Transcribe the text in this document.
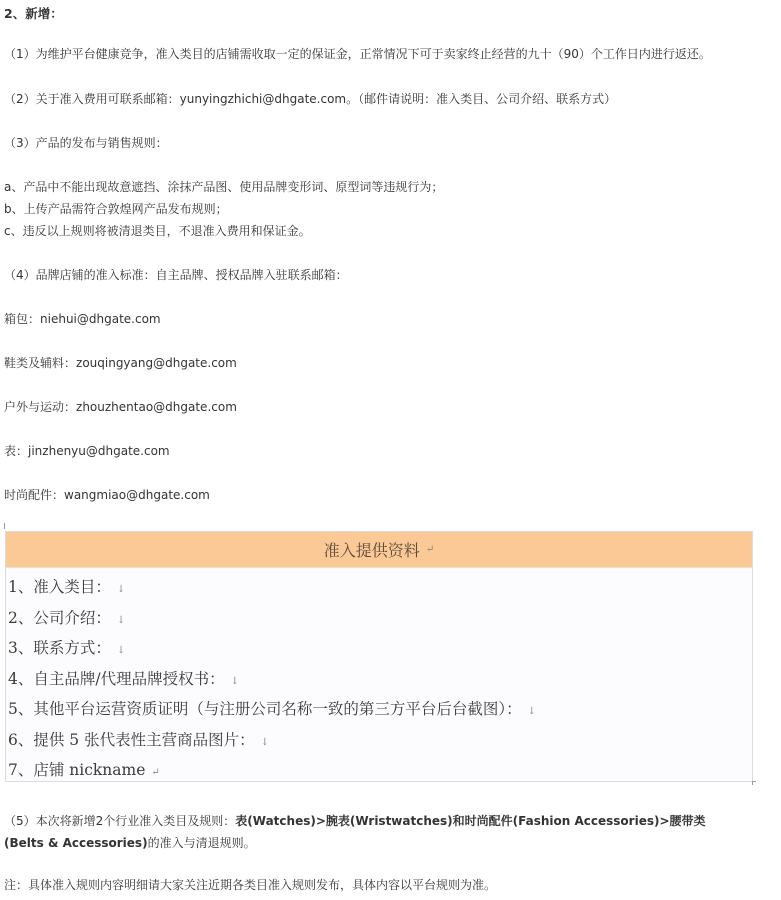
2、新增：
（1）为维护平台健康竞争，准入类目的店铺需收取一定的保证金，正常情况下可于卖家终止经营的九十（90）个工作日内进行返还。
（2）关于准入费用可联系邮箱：yunyingzhichi@dhgate.com。（邮件请说明：准入类目、公司介绍、联系方式）
（3）产品的发布与销售规则：
a、产品中不能出现故意遮挡、涂抹产品图、使用品牌变形词、原型词等违规行为；
b、上传产品需符合敦煌网产品发布规则；
c、违反以上规则将被清退类目，不退准入费用和保证金。
（4）品牌店铺的准入标准：自主品牌、授权品牌入驻联系邮箱：
箱包：niehui@dhgate.com
鞋类及辅料：zouqingyang@dhgate.com
户外与运动：zhouzhentao@dhgate.com
表：jinzhenyu@dhgate.com
时尚配件：wangmiao@dhgate.com
准入提供资料 ↵
1、准入类目： ↓
2、公司介绍： ↓
3、联系方式： ↓
4、自主品牌/代理品牌授权书： ↓
5、其他平台运营资质证明（与注册公司名称一致的第三方平台后台截图）： ↓
6、提供 5 张代表性主营商品图片： ↓
7、店铺 nickname ↵
（5）本次将新增2个行业准入类目及规则：表(Watches)>腕表(Wristwatches)和时尚配件(Fashion Accessories)>腰带类(Belts & Accessories)的准入与清退规则。
注：具体准入规则内容明细请大家关注近期各类目准入规则发布，具体内容以平台规则为准。
